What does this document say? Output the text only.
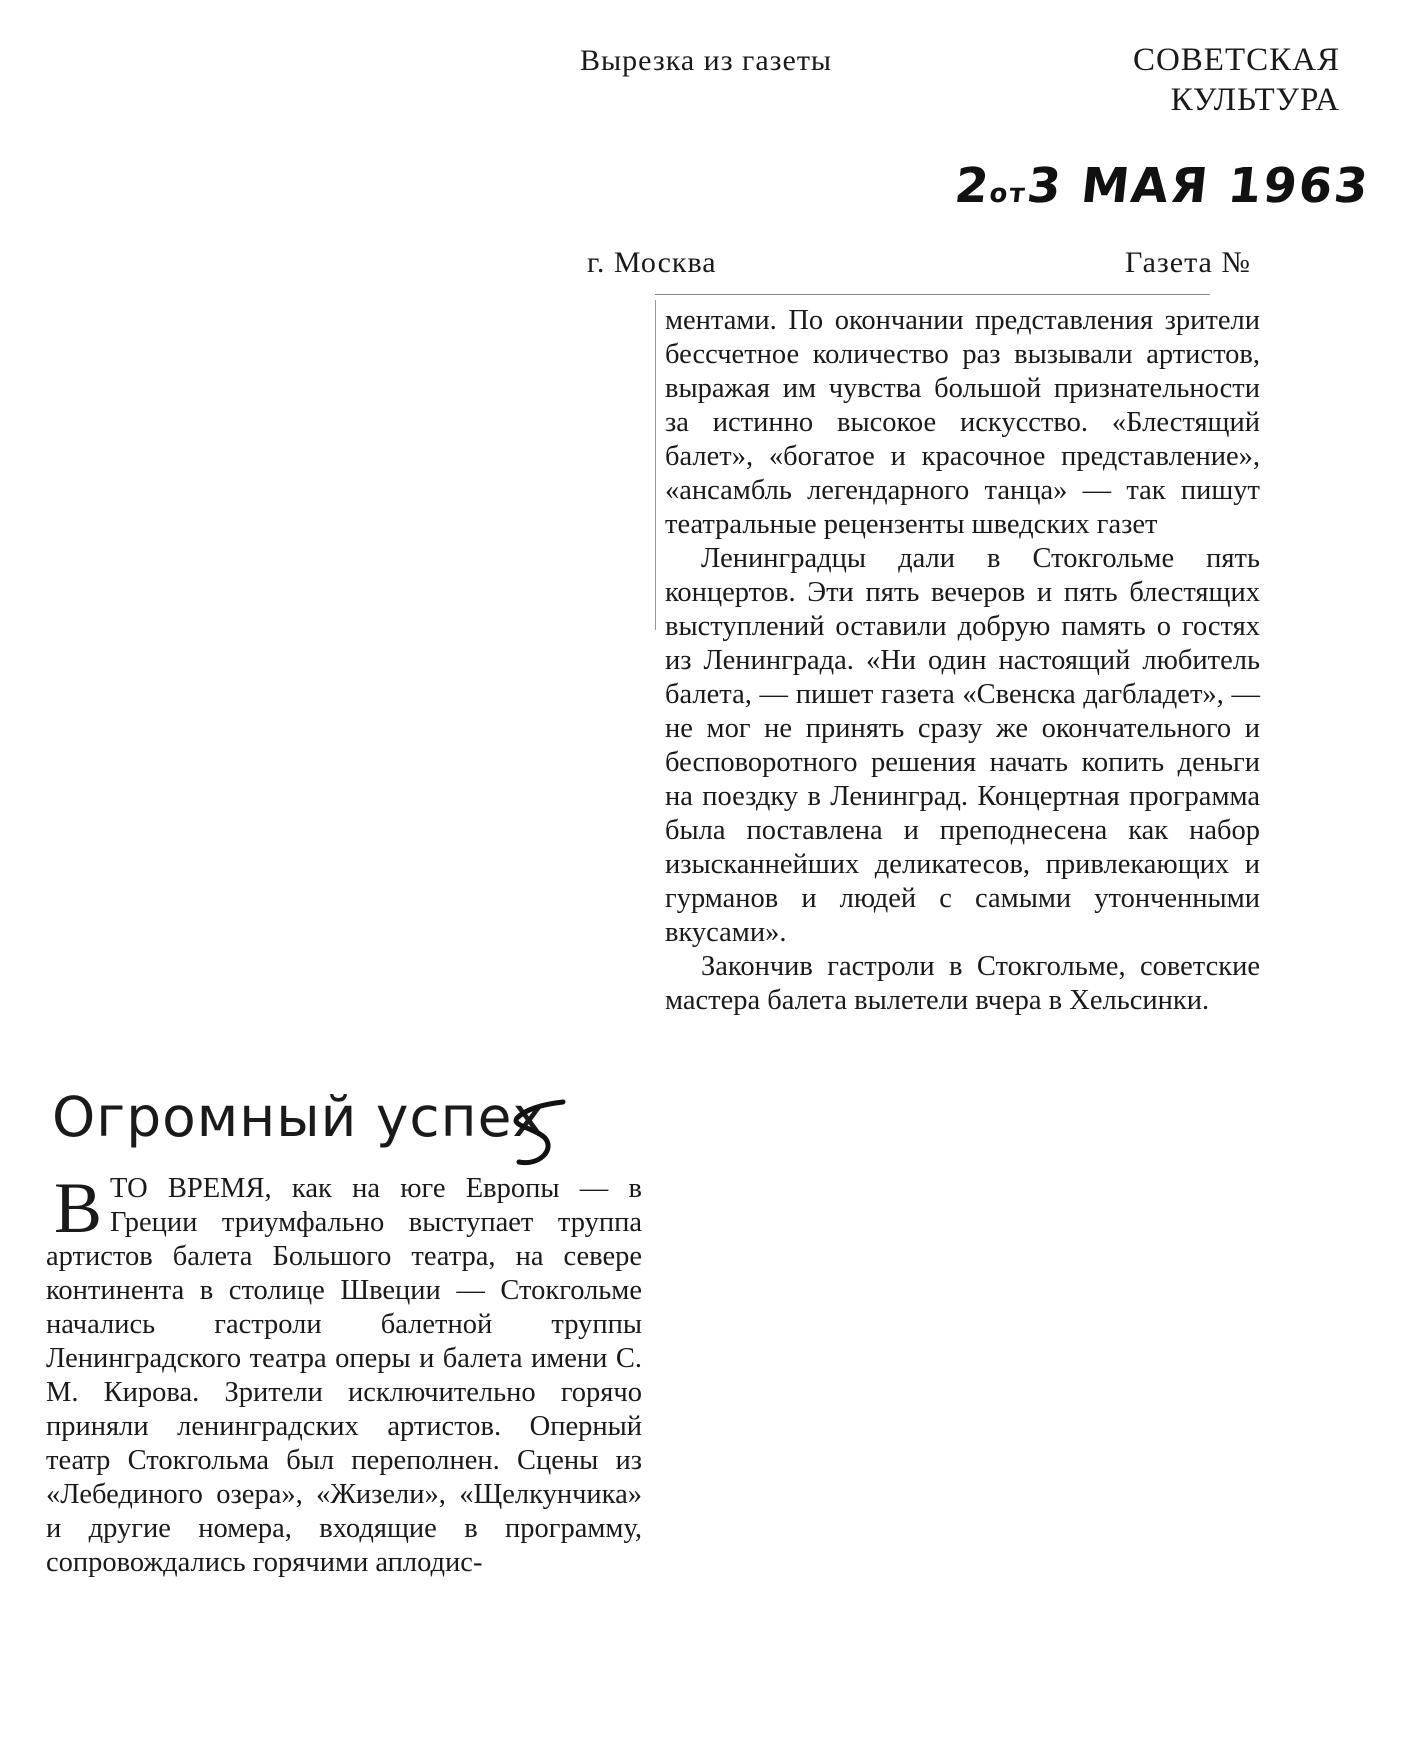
Вырезка из газеты	СОВЕТСКАЯ
КУЛЬТУРА
2от3 МАЯ 1963
г. Москва	Газета №

ментами. По окончании представления зрители бессчетное количество раз вызывали артистов, выражая им чувства большой признательности за истинно высокое искусство. «Блестящий балет», «богатое и красочное представление», «ансамбль легендарного танца» — так пишут театральные рецензенты шведских газет

Ленинградцы дали в Стокгольме пять концертов. Эти пять вечеров и пять блестящих выступлений оставили добрую память о гостях из Ленинграда. «Ни один настоящий любитель балета, — пишет газета «Свенска дагбладет», — не мог не принять сразу же окончательного и бесповоротного решения начать копить деньги на поездку в Ленинград. Концертная программа была поставлена и преподнесена как набор изысканнейших деликатесов, привлекающих и гурманов и людей с самыми утонченными вкусами».

Закончив гастроли в Стокгольме, советские мастера балета вылетели вчера в Хельсинки.

Огромный успех
В ТО ВРЕМЯ, как на юге Европы — в Греции триумфально выступает труппа артистов балета Большого театра, на севере континента в столице Швеции — Стокгольме начались гастроли балетной труппы Ленинградского театра оперы и балета имени С. М. Кирова. Зрители исключительно горячо приняли ленинградских артистов. Оперный театр Стокгольма был переполнен. Сцены из «Лебединого озера», «Жизели», «Щелкунчика» и другие номера, входящие в программу, сопровождались горячими аплодис-
